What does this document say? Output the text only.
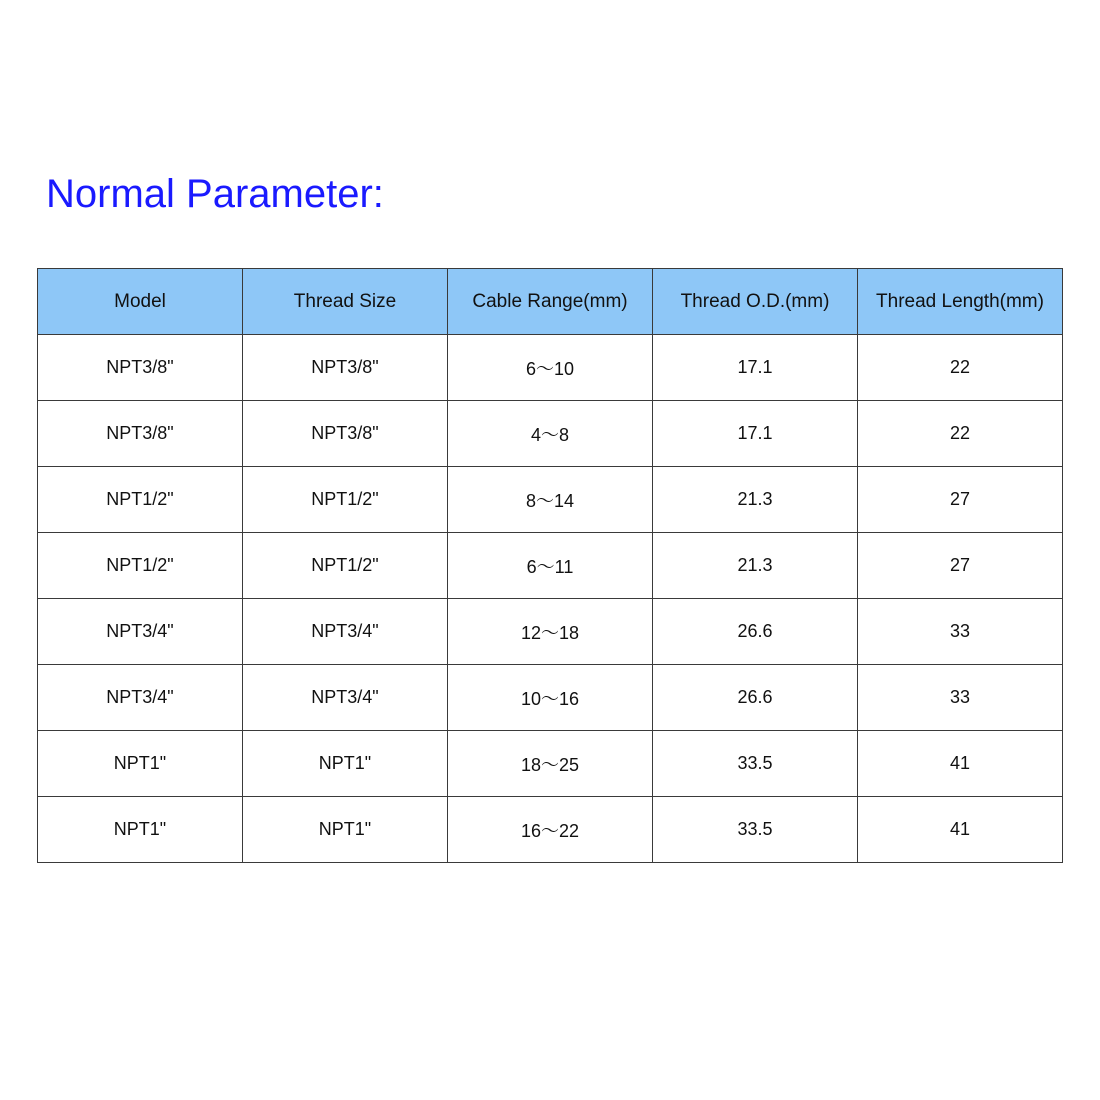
Normal Parameter:
Model	Thread Size	Cable Range(mm)	Thread O.D.(mm)	Thread Length(mm)
NPT3/8"	NPT3/8"	6～10	17.1	22
NPT3/8"	NPT3/8"	4～8	17.1	22
NPT1/2"	NPT1/2"	8～14	21.3	27
NPT1/2"	NPT1/2"	6～11	21.3	27
NPT3/4"	NPT3/4"	12～18	26.6	33
NPT3/4"	NPT3/4"	10～16	26.6	33
NPT1"	NPT1"	18～25	33.5	41
NPT1"	NPT1"	16～22	33.5	41
